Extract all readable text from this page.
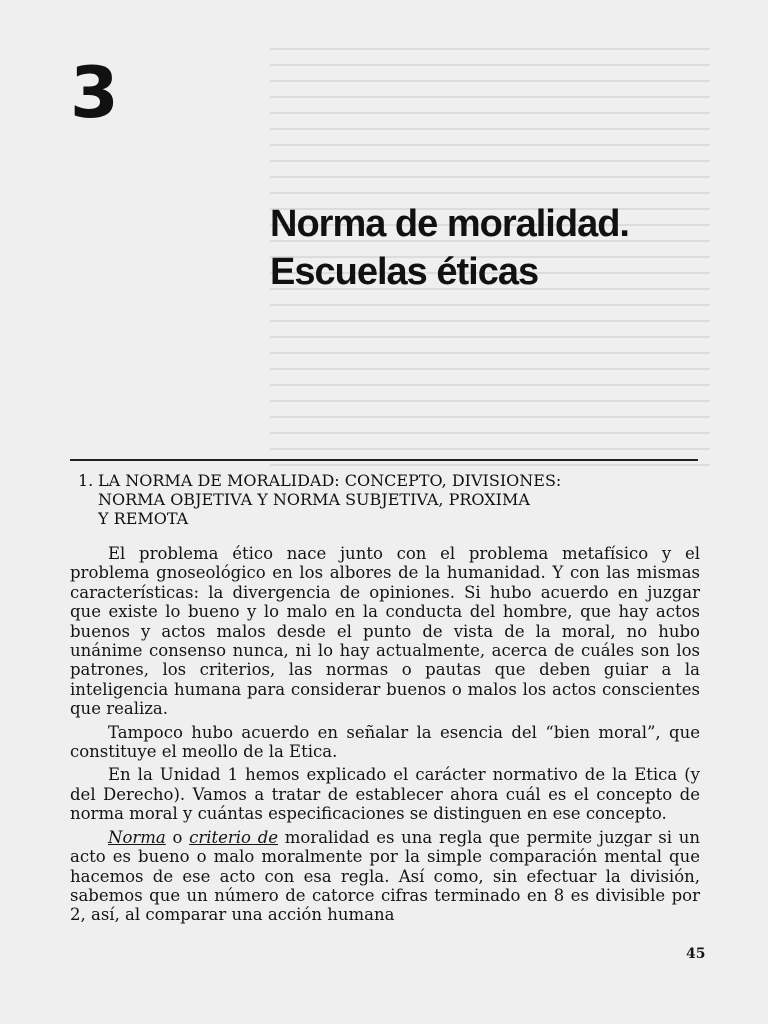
3
Norma de moralidad.
Escuelas éticas
1. LA NORMA DE MORALIDAD: CONCEPTO, DIVISIONES:
NORMA OBJETIVA Y NORMA SUBJETIVA, PROXIMA
Y REMOTA

El problema ético nace junto con el problema metafísico y el problema gnoseológico en los albores de la humanidad. Y con las mismas características: la divergencia de opiniones. Si hubo acuerdo en juzgar que existe lo bueno y lo malo en la conducta del hombre, que hay actos buenos y actos malos desde el punto de vista de la moral, no hubo unánime consenso nunca, ni lo hay actualmente, acerca de cuáles son los patrones, los criterios, las normas o pautas que deben guiar a la inteligencia humana para considerar buenos o malos los actos conscientes que realiza.

Tampoco hubo acuerdo en señalar la esencia del “bien moral”, que constituye el meollo de la Etica.

En la Unidad 1 hemos explicado el carácter normativo de la Etica (y del Derecho). Vamos a tratar de establecer ahora cuál es el concepto de norma moral y cuántas especificaciones se distinguen en ese concepto.

Norma o criterio de moralidad es una regla que permite juzgar si un acto es bueno o malo moralmente por la simple comparación mental que hacemos de ese acto con esa regla. Así como, sin efectuar la división, sabemos que un número de catorce cifras terminado en 8 es divisible por 2, así, al comparar una acción humana

45
